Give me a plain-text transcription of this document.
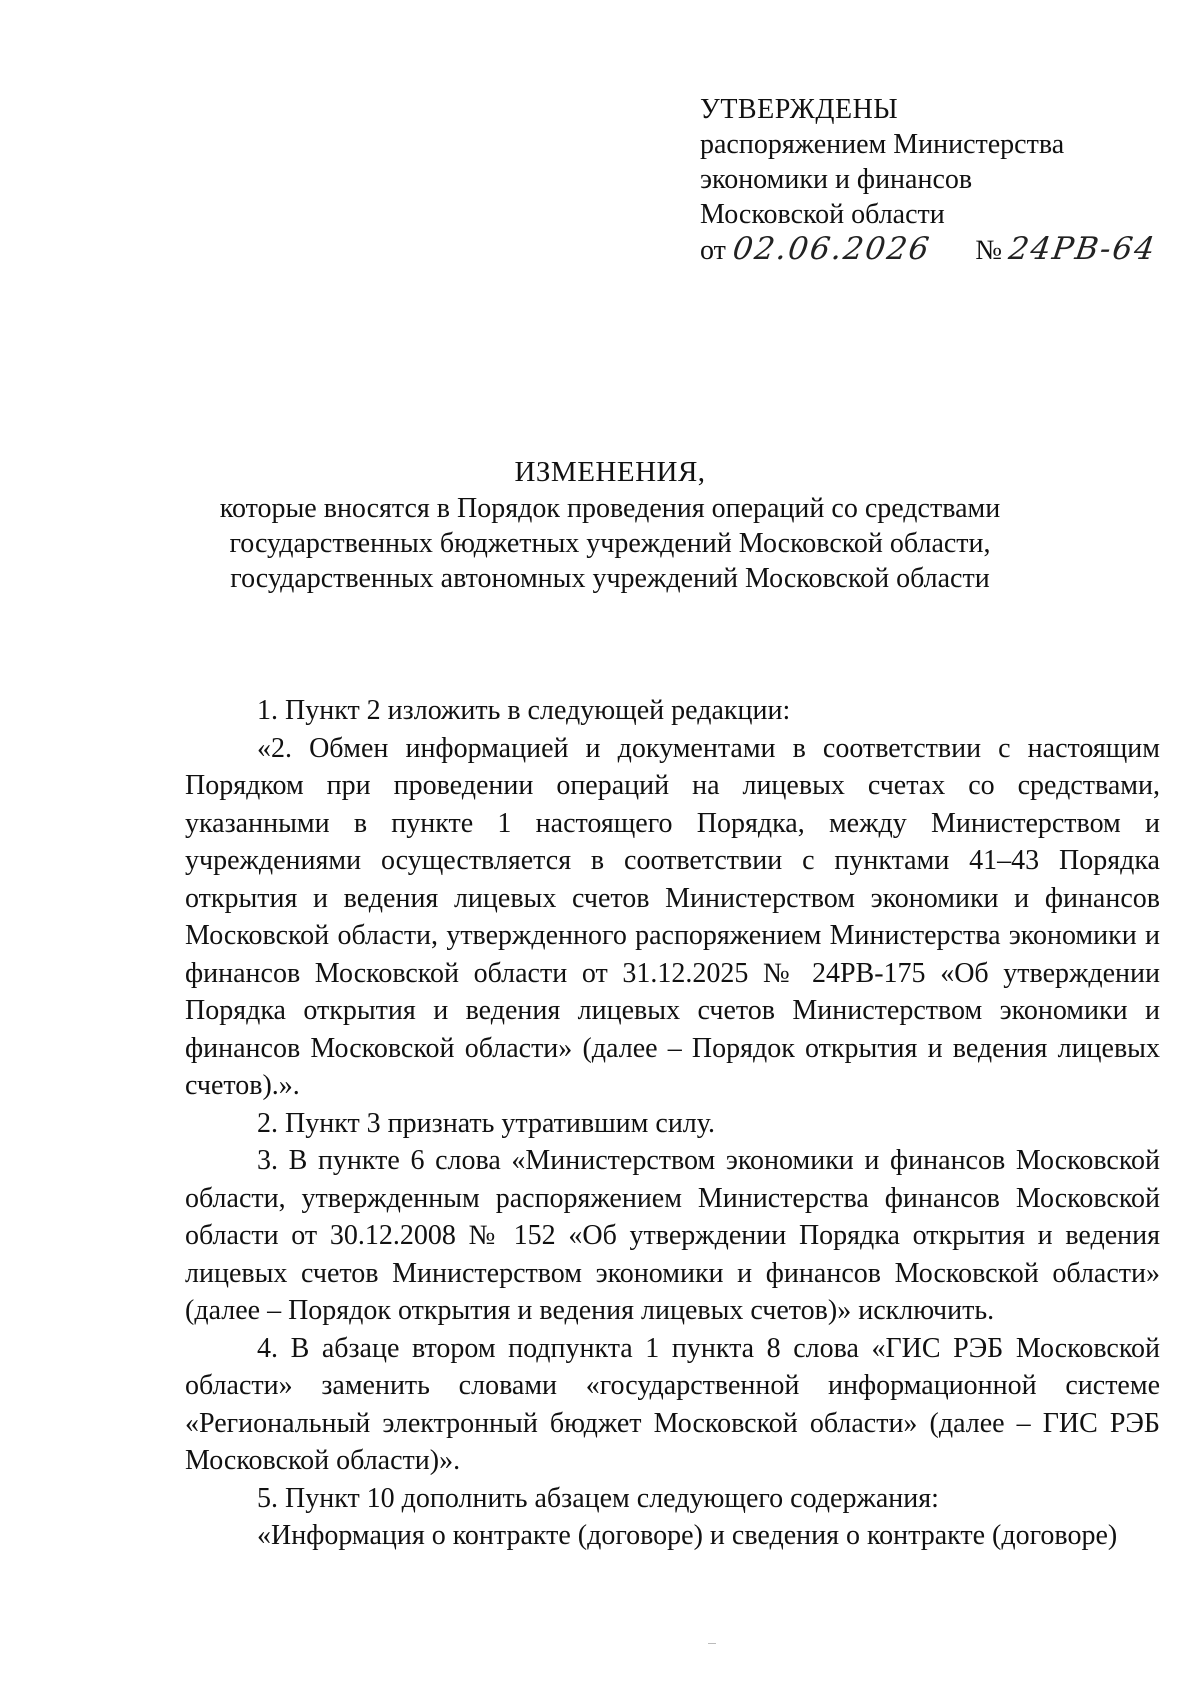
УТВЕРЖДЕНЫ
распоряжением Министерства
экономики и финансов
Московской области
от 02.06.2026 № 24РВ-64
ИЗМЕНЕНИЯ,
которые вносятся в Порядок проведения операций со средствами
государственных бюджетных учреждений Московской области,
государственных автономных учреждений Московской области

1. Пункт 2 изложить в следующей редакции:

«2. Обмен информацией и документами в соответствии с настоящим Порядком при проведении операций на лицевых счетах со средствами, указанными в пункте 1 настоящего Порядка, между Министерством и учреждениями осуществляется в соответствии с пунктами 41–43 Порядка открытия и ведения лицевых счетов Министерством экономики и финансов Московской области, утвержденного распоряжением Министерства экономики и финансов Московской области от 31.12.2025 № 24РВ-175 «Об утверждении Порядка открытия и ведения лицевых счетов Министерством экономики и финансов Московской области» (далее – Порядок открытия и ведения лицевых счетов).».

2. Пункт 3 признать утратившим силу.

3. В пункте 6 слова «Министерством экономики и финансов Московской области, утвержденным распоряжением Министерства финансов Московской области от 30.12.2008 № 152 «Об утверждении Порядка открытия и ведения лицевых счетов Министерством экономики и финансов Московской области» (далее – Порядок открытия и ведения лицевых счетов)» исключить.

4. В абзаце втором подпункта 1 пункта 8 слова «ГИС РЭБ Московской области» заменить словами «государственной информационной системе «Региональный электронный бюджет Московской области» (далее – ГИС РЭБ Московской области)».

5. Пункт 10 дополнить абзацем следующего содержания:

«Информация о контракте (договоре) и сведения о контракте (договоре)
